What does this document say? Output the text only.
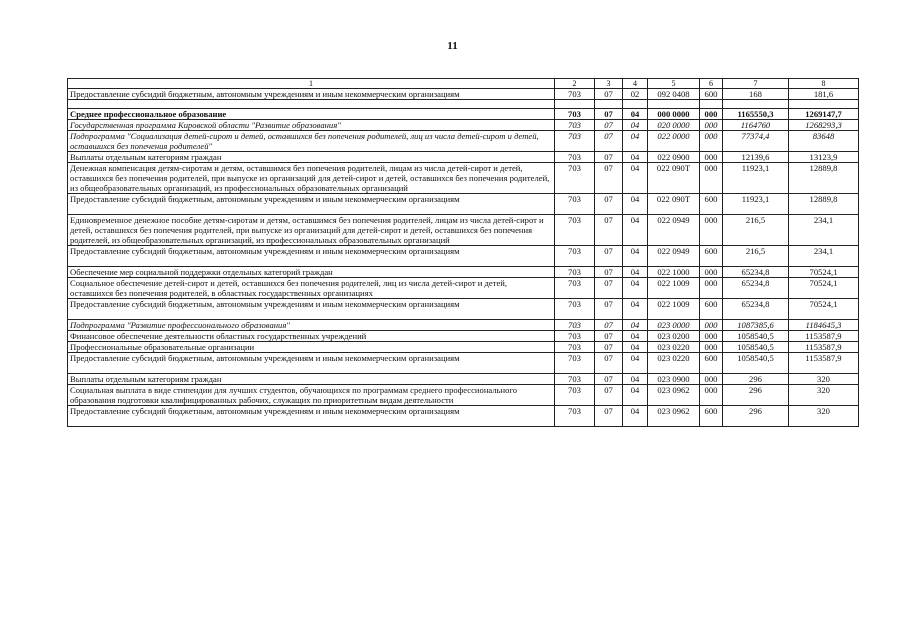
11
1	2	3	4	5	6	7	8
Предоставление субсидий бюджетным, автономным учреждениям и иным некоммерческим организациям	703	07	02	092 0408	600	168	181,6

Среднее профессиональное образование	703	07	04	000 0000	000	1165550,3	1269147,7
Государственная программа Кировской области "Развитие образования"	703	07	04	020 0000	000	1164760	1268293,3
Подпрограмма "Социализация детей-сирот и детей, оставшихся без попечения родителей, лиц из числа детей-сирот и детей, оставшихся без попечения родителей"	703	07	04	022 0000	000	77374,4	83648
Выплаты отдельным категориям граждан	703	07	04	022 0900	000	12139,6	13123,9
Денежная компенсация детям-сиротам и детям, оставшимся без попечения родителей, лицам из числа детей-сирот и детей, оставшихся без попечения родителей, при выпуске из организаций для детей-сирот и детей, оставшихся без попечения родителей, из общеобразовательных организаций, из профессиональных образовательных организаций	703	07	04	022 090Т	000	11923,1	12889,8
Предоставление субсидий бюджетным, автономным учреждениям и иным некоммерческим организациям	703	07	04	022 090Т	600	11923,1	12889,8
Единовременное денежное пособие детям-сиротам и детям, оставшимся без попечения родителей, лицам из числа детей-сирот и детей, оставшихся без попечения родителей, при выпуске из организаций для детей-сирот и детей, оставшихся без попечения родителей, из общеобразовательных организаций, из профессиональных образовательных организаций	703	07	04	022 0949	000	216,5	234,1
Предоставление субсидий бюджетным, автономным учреждениям и иным некоммерческим организациям	703	07	04	022 0949	600	216,5	234,1
Обеспечение мер социальной поддержки отдельных категорий граждан	703	07	04	022 1000	000	65234,8	70524,1
Социальное обеспечение детей-сирот и детей, оставшихся без попечения родителей, лиц из числа детей-сирот и детей, оставшихся без попечения родителей, в областных государственных организациях	703	07	04	022 1009	000	65234,8	70524,1
Предоставление субсидий бюджетным, автономным учреждениям и иным некоммерческим организациям	703	07	04	022 1009	600	65234,8	70524,1
Подпрограмма "Развитие профессионального образования"	703	07	04	023 0000	000	1087385,6	1184645,3
Финансовое обеспечение деятельности областных государственных учреждений	703	07	04	023 0200	000	1058540,5	1153587,9
Профессиональные образовательные организации	703	07	04	023 0220	000	1058540,5	1153587,9
Предоставление субсидий бюджетным, автономным учреждениям и иным некоммерческим организациям	703	07	04	023 0220	600	1058540,5	1153587,9
Выплаты отдельным категориям граждан	703	07	04	023 0900	000	296	320
Социальная выплата в виде стипендии для лучших студентов, обучающихся по программам среднего профессионального образования подготовки квалифицированных рабочих, служащих по приоритетным видам деятельности	703	07	04	023 0962	000	296	320
Предоставление субсидий бюджетным, автономным учреждениям и иным некоммерческим организациям	703	07	04	023 0962	600	296	320
